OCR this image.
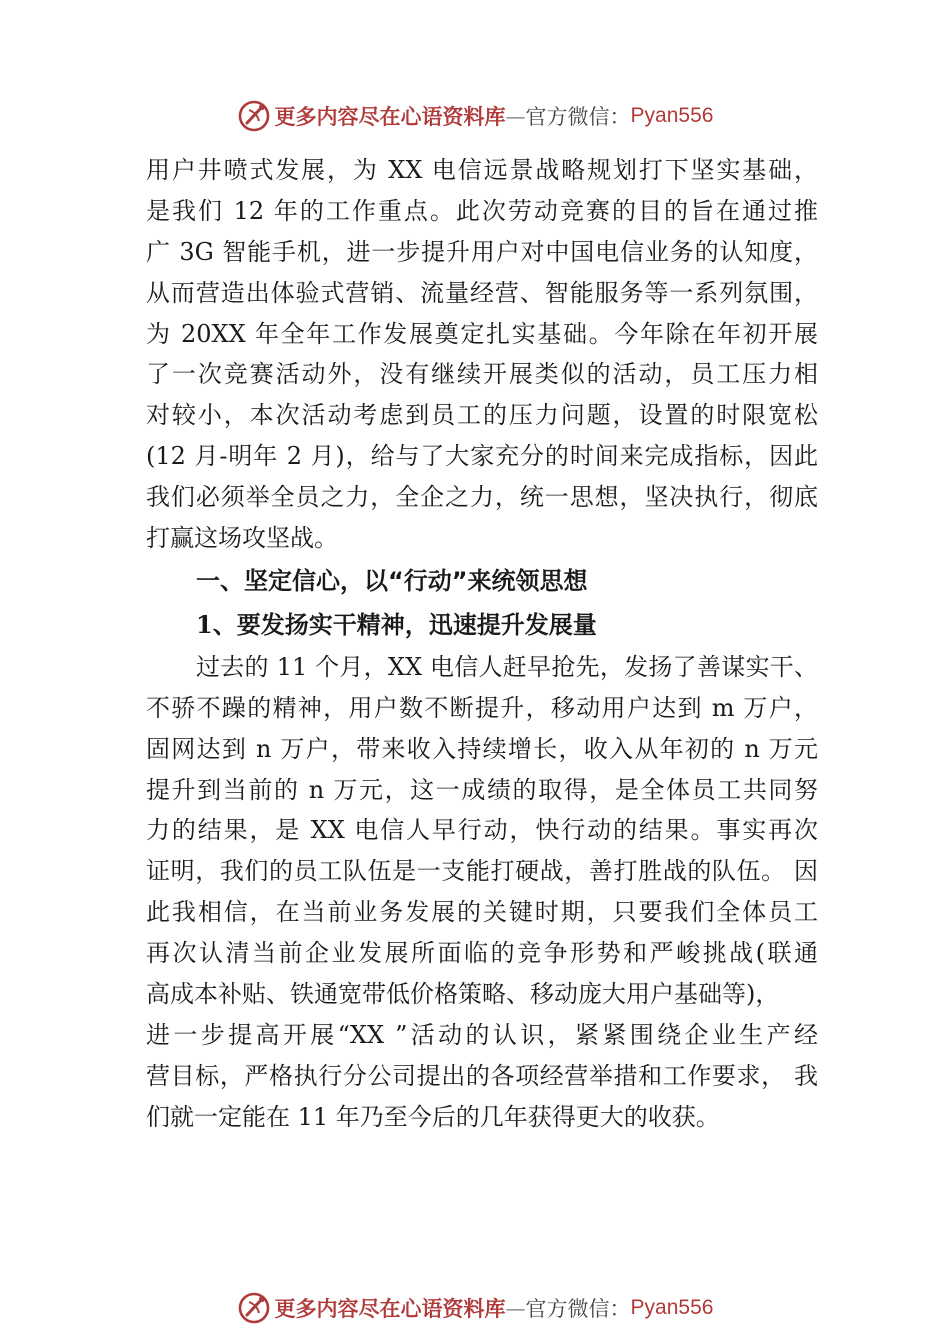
更多内容尽在心语资料库 — 官方微信： Pyan556
用户井喷式发展，为 XX 电信远景战略规划打下坚实基础，
是我们 12 年的工作重点。此次劳动竞赛的目的旨在通过推
广 3G 智能手机，进一步提升用户对中国电信业务的认知度，
从而营造出体验式营销、流量经营、智能服务等一系列氛围，
为 20XX 年全年工作发展奠定扎实基础。今年除在年初开展
了一次竞赛活动外，没有继续开展类似的活动，员工压力相
对较小，本次活动考虑到员工的压力问题，设置的时限宽松
(12 月-明年 2 月)，给与了大家充分的时间来完成指标，因此
我们必须举全员之力，全企之力，统一思想，坚决执行，彻底
打赢这场攻坚战。
一、坚定信心，以“行动”来统领思想
1、要发扬实干精神，迅速提升发展量
过去的 11 个月，XX 电信人赶早抢先，发扬了善谋实干、
不骄不躁的精神，用户数不断提升，移动用户达到 m 万户，
固网达到 n 万户，带来收入持续增长，收入从年初的 n 万元
提升到当前的 n 万元，这一成绩的取得，是全体员工共同努
力的结果，是 XX 电信人早行动，快行动的结果。事实再次
证明，我们的员工队伍是一支能打硬战，善打胜战的队伍。 因
此我相信，在当前业务发展的关键时期，只要我们全体员工
再次认清当前企业发展所面临的竞争形势和严峻挑战(联通
高成本补贴、铁通宽带低价格策略、移动庞大用户基础等)，
进一步提高开展“XX ”活动的认识，紧紧围绕企业生产经
营目标，严格执行分公司提出的各项经营举措和工作要求， 我
们就一定能在 11 年乃至今后的几年获得更大的收获。
更多内容尽在心语资料库 — 官方微信： Pyan556
